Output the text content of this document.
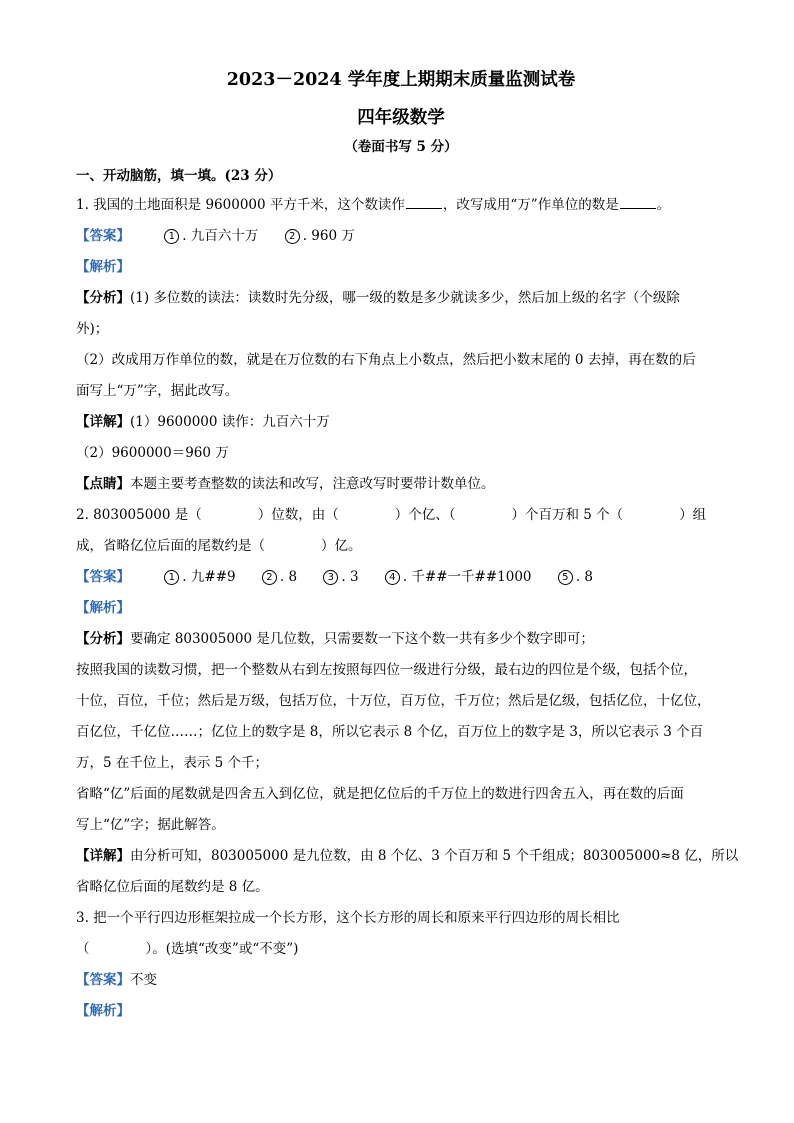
2023－2024 学年度上期期末质量监测试卷
四年级数学
（卷面书写 5 分）
一、开动脑筋，填一填。(23 分）
1. 我国的土地面积是 9600000 平方千米，这个数读作	，改写成用“万”作单位的数是	。
【答案】	1 . 九百六十万	2 . 960 万
【解析】
【分析】(1) 多位数的读法：读数时先分级，哪一级的数是多少就读多少，然后加上级的名字（个级除
外)；
（2）改成用万作单位的数，就是在万位数的右下角点上小数点，然后把小数末尾的 0 去掉，再在数的后
面写上“万”字，据此改写。
【详解】(1）9600000 读作：九百六十万
（2）9600000＝960 万
【点睛】本题主要考查整数的读法和改写，注意改写时要带计数单位。
2. 803005000 是（	）位数，由（	）个亿、（	）个百万和 5 个（	）组
成，省略亿位后面的尾数约是（	）亿。
【答案】	1 . 九##9	2 . 8	3 . 3	4 . 千##一千##1000	5 . 8
【解析】
【分析】要确定 803005000 是几位数，只需要数一下这个数一共有多少个数字即可；
按照我国的读数习惯，把一个整数从右到左按照每四位一级进行分级，最右边的四位是个级，包括个位，
十位，百位，千位；然后是万级，包括万位，十万位，百万位，千万位；然后是亿级，包括亿位，十亿位，
百亿位，千亿位……；亿位上的数字是 8，所以它表示 8 个亿，百万位上的数字是 3，所以它表示 3 个百
万，5 在千位上，表示 5 个千；
省略“亿”后面的尾数就是四舍五入到亿位，就是把亿位后的千万位上的数进行四舍五入，再在数的后面
写上“亿”字；据此解答。
【详解】由分析可知，803005000 是九位数，由 8 个亿、3 个百万和 5 个千组成；803005000≈8 亿，所以
省略亿位后面的尾数约是 8 亿。
3. 把一个平行四边形框架拉成一个长方形，这个长方形的周长和原来平行四边形的周长相比
（	）。(选填“改变”或“不变”)
【答案】不变
【解析】
